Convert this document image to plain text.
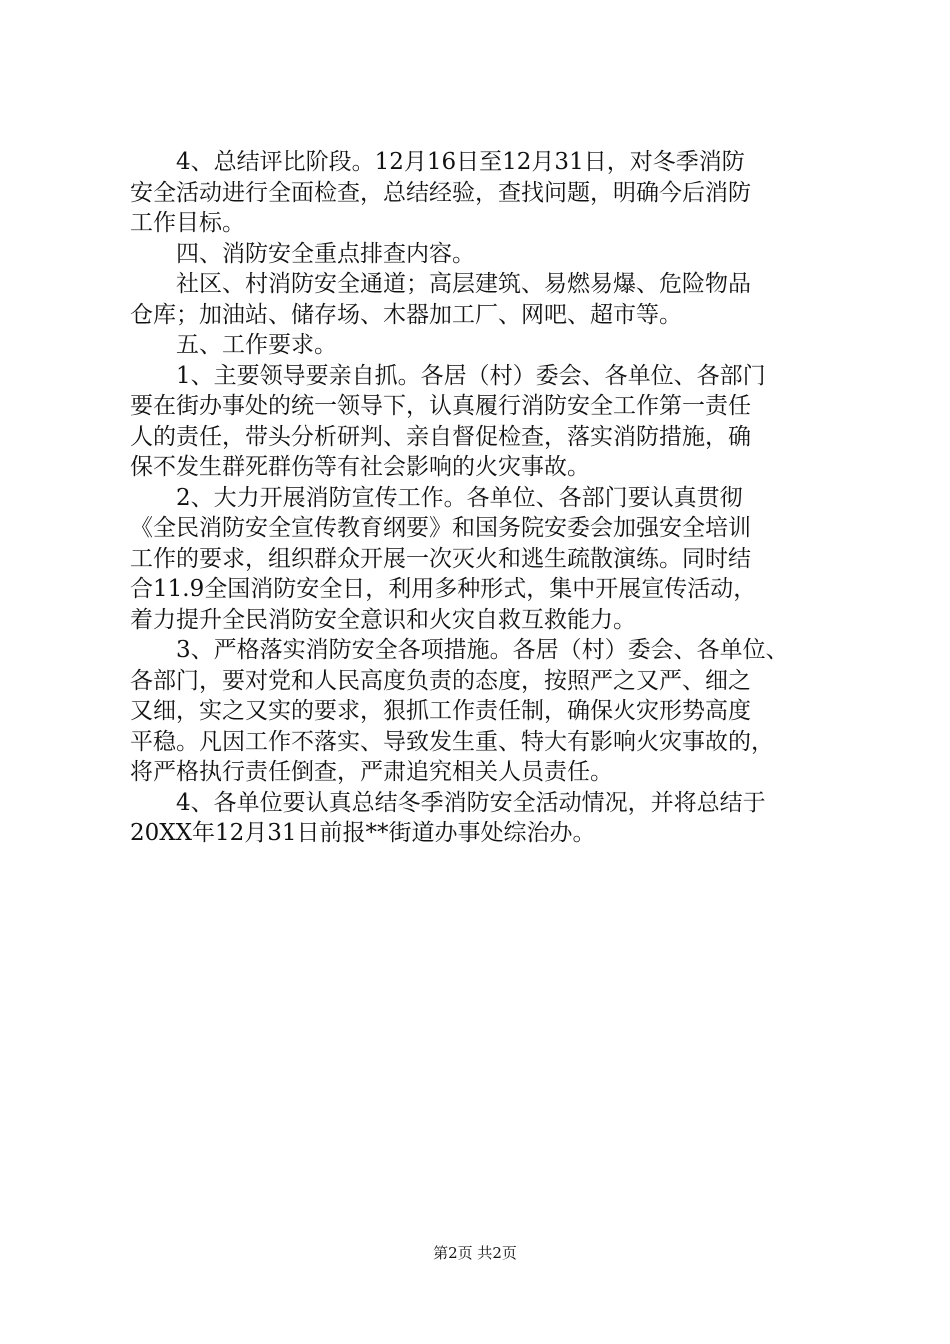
4、总结评比阶段。12月16日至12月31日，对冬季消防
安全活动进行全面检查，总结经验，查找问题，明确今后消防
工作目标。
四、消防安全重点排查内容。
社区、村消防安全通道；高层建筑、易燃易爆、危险物品
仓库；加油站、储存场、木器加工厂、网吧、超市等。
五、工作要求。
1、主要领导要亲自抓。各居（村）委会、各单位、各部门
要在街办事处的统一领导下，认真履行消防安全工作第一责任
人的责任，带头分析研判、亲自督促检查，落实消防措施，确
保不发生群死群伤等有社会影响的火灾事故。
2、大力开展消防宣传工作。各单位、各部门要认真贯彻
《全民消防安全宣传教育纲要》和国务院安委会加强安全培训
工作的要求，组织群众开展一次灭火和逃生疏散演练。同时结
合11.9全国消防安全日，利用多种形式，集中开展宣传活动，
着力提升全民消防安全意识和火灾自救互救能力。
3、严格落实消防安全各项措施。各居（村）委会、各单位、
各部门，要对党和人民高度负责的态度，按照严之又严、细之
又细，实之又实的要求，狠抓工作责任制，确保火灾形势高度
平稳。凡因工作不落实、导致发生重、特大有影响火灾事故的，
将严格执行责任倒查，严肃追究相关人员责任。
4、各单位要认真总结冬季消防安全活动情况，并将总结于
20XX年12月31日前报**街道办事处综治办。
第2页 共2页
